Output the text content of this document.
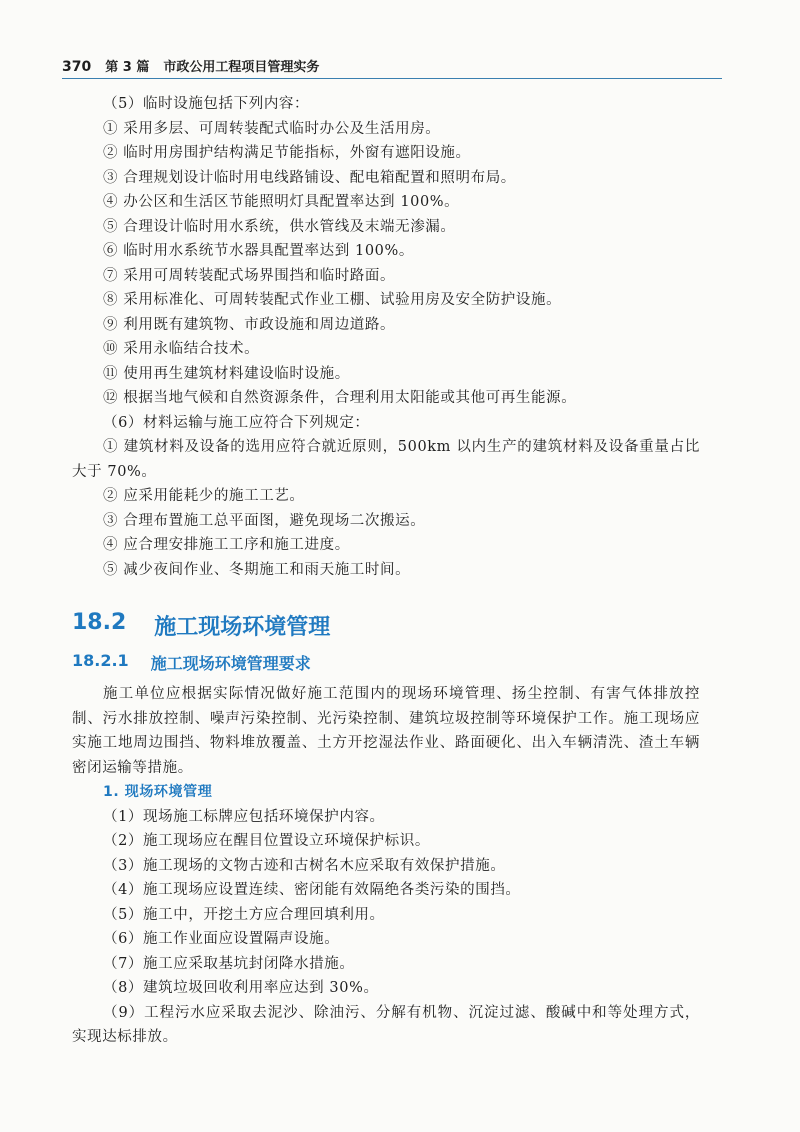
370 第 3 篇 市政公用工程项目管理实务
（5）临时设施包括下列内容：
① 采用多层、可周转装配式临时办公及生活用房。
② 临时用房围护结构满足节能指标，外窗有遮阳设施。
③ 合理规划设计临时用电线路铺设、配电箱配置和照明布局。
④ 办公区和生活区节能照明灯具配置率达到 100%。
⑤ 合理设计临时用水系统，供水管线及末端无渗漏。
⑥ 临时用水系统节水器具配置率达到 100%。
⑦ 采用可周转装配式场界围挡和临时路面。
⑧ 采用标准化、可周转装配式作业工棚、试验用房及安全防护设施。
⑨ 利用既有建筑物、市政设施和周边道路。
⑩ 采用永临结合技术。
⑪ 使用再生建筑材料建设临时设施。
⑫ 根据当地气候和自然资源条件，合理利用太阳能或其他可再生能源。
（6）材料运输与施工应符合下列规定：
① 建筑材料及设备的选用应符合就近原则，500km 以内生产的建筑材料及设备重量占比大于 70%。
② 应采用能耗少的施工工艺。
③ 合理布置施工总平面图，避免现场二次搬运。
④ 应合理安排施工工序和施工进度。
⑤ 减少夜间作业、冬期施工和雨天施工时间。
18.2 施工现场环境管理
18.2.1 施工现场环境管理要求
施工单位应根据实际情况做好施工范围内的现场环境管理、扬尘控制、有害气体排放控制、污水排放控制、噪声污染控制、光污染控制、建筑垃圾控制等环境保护工作。施工现场应实施工地周边围挡、物料堆放覆盖、土方开挖湿法作业、路面硬化、出入车辆清洗、渣土车辆密闭运输等措施。
1. 现场环境管理
（1）现场施工标牌应包括环境保护内容。
（2）施工现场应在醒目位置设立环境保护标识。
（3）施工现场的文物古迹和古树名木应采取有效保护措施。
（4）施工现场应设置连续、密闭能有效隔绝各类污染的围挡。
（5）施工中，开挖土方应合理回填利用。
（6）施工作业面应设置隔声设施。
（7）施工应采取基坑封闭降水措施。
（8）建筑垃圾回收利用率应达到 30%。
（9）工程污水应采取去泥沙、除油污、分解有机物、沉淀过滤、酸碱中和等处理方式，实现达标排放。
